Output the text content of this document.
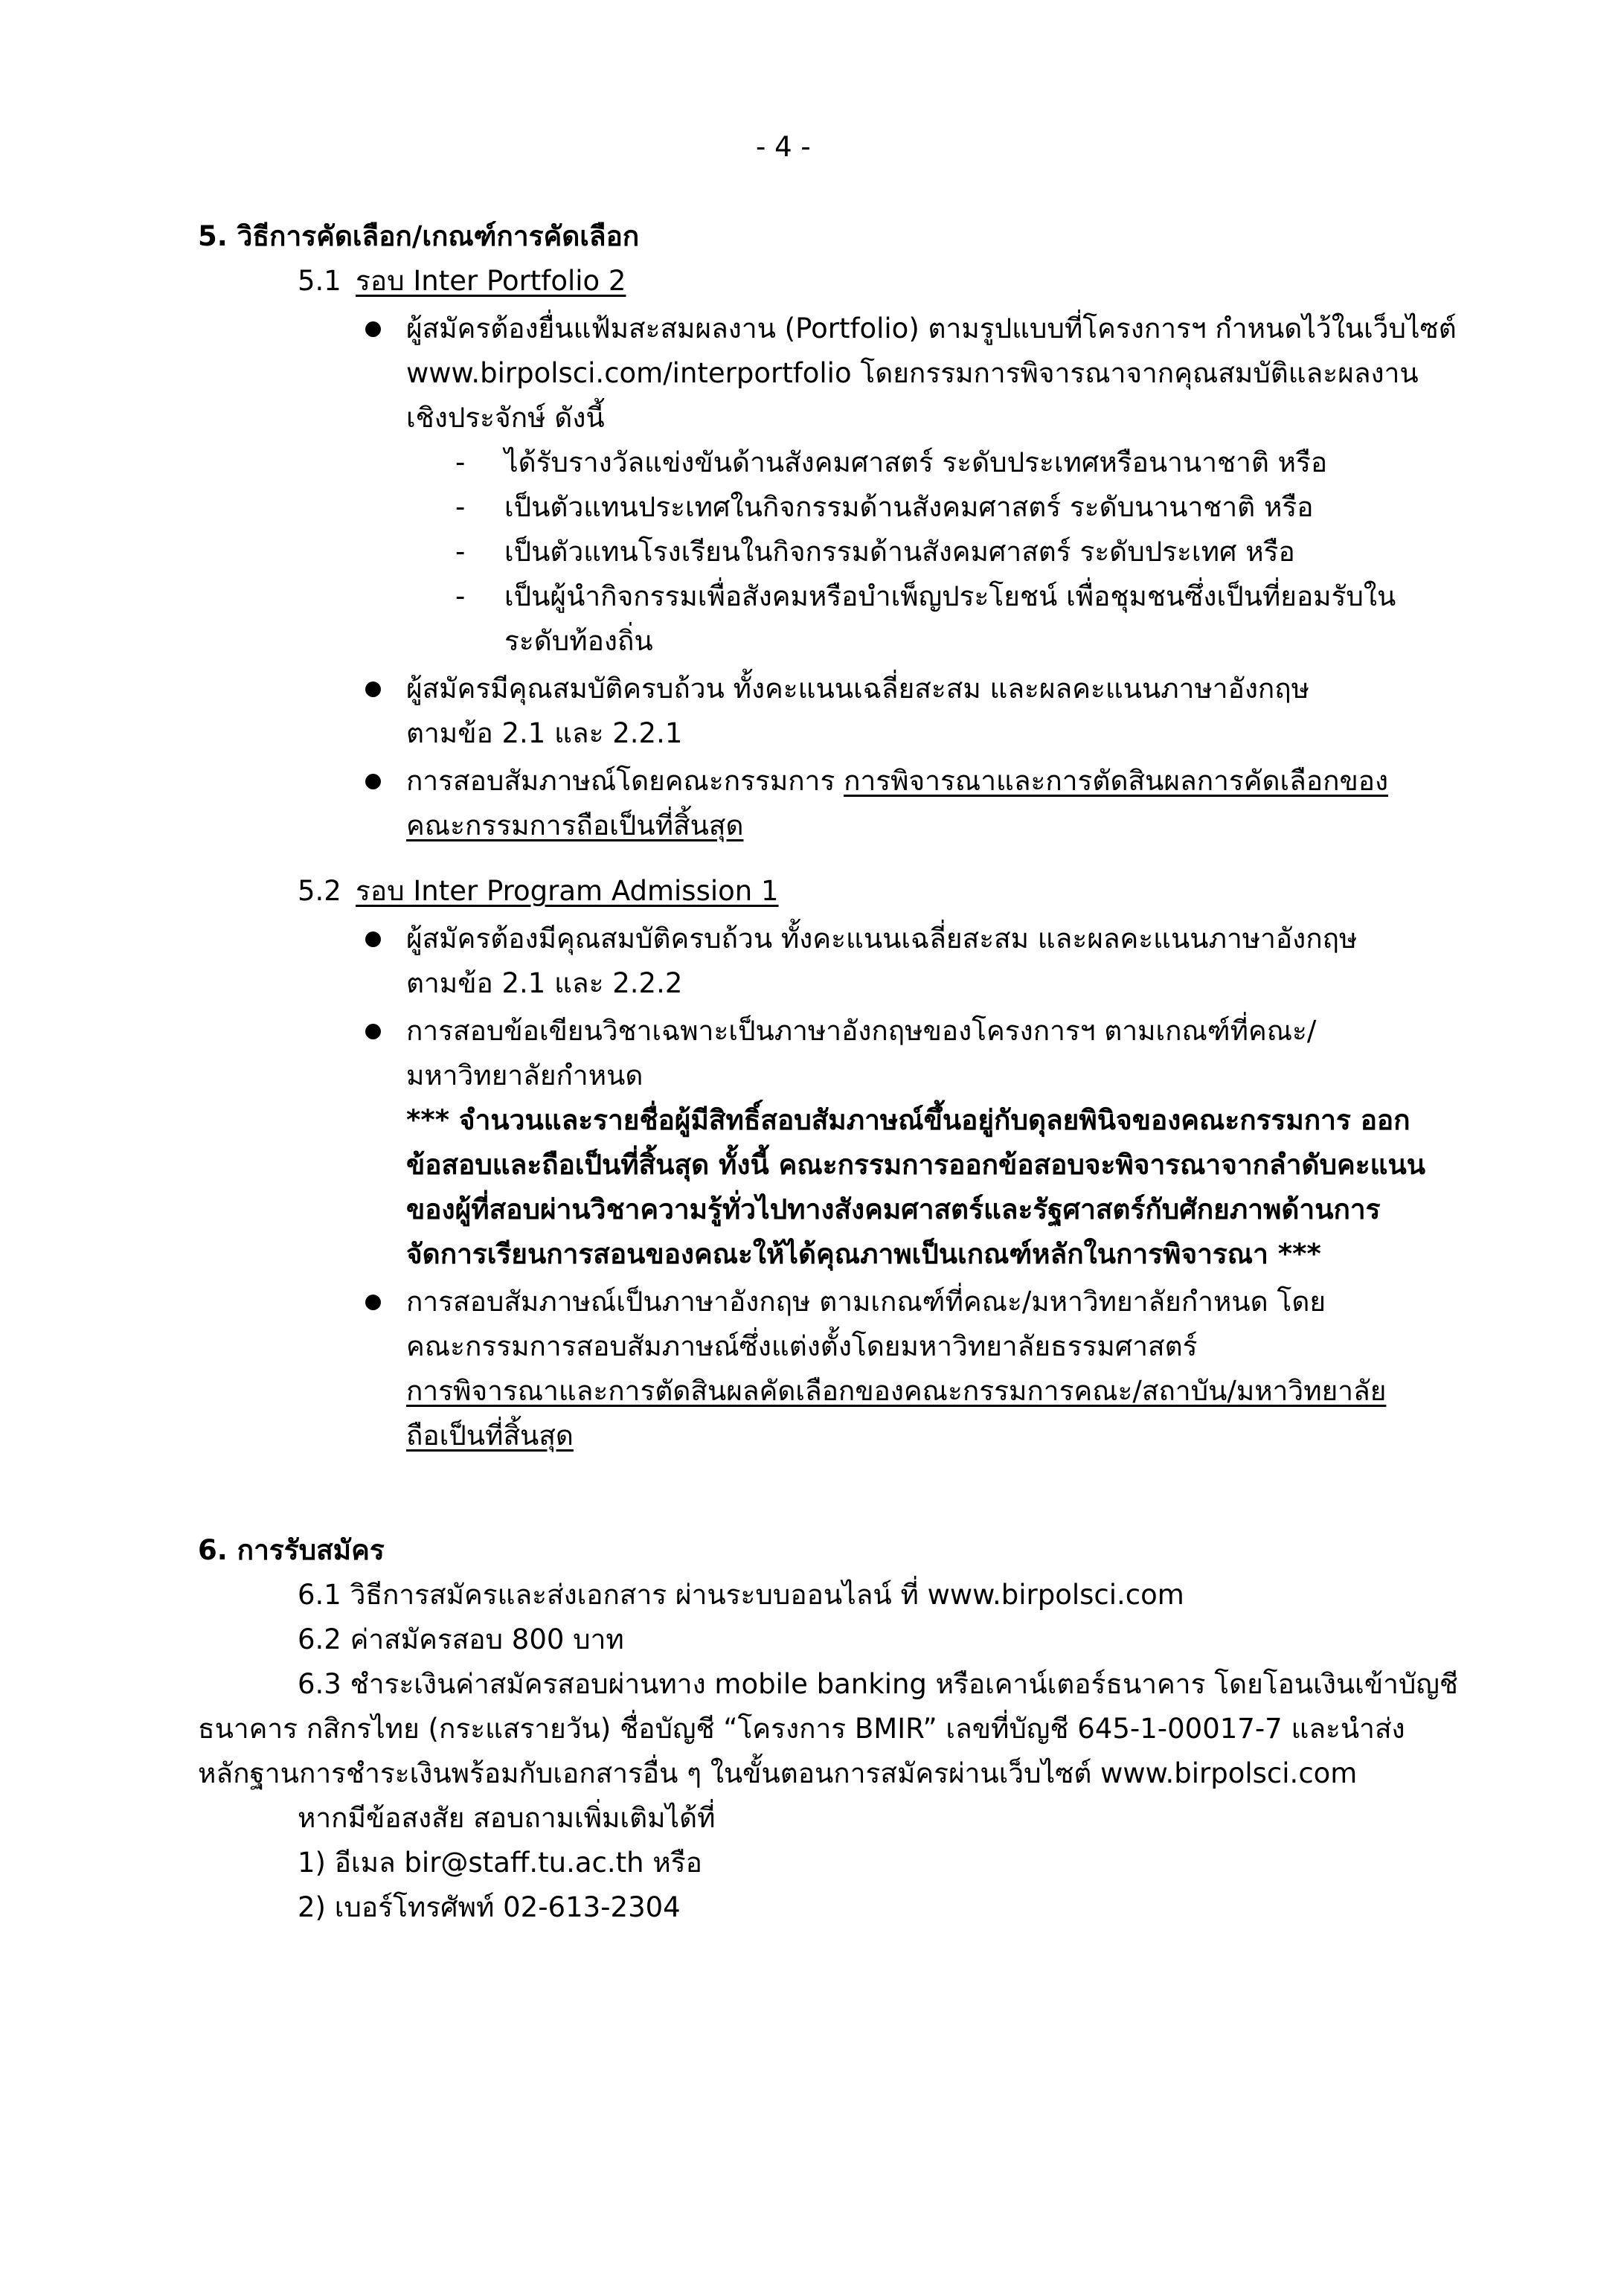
- 4 -
5. วิธีการคัดเลือก/เกณฑ์การคัดเลือก
5.1 รอบ Inter Portfolio 2
ผู้สมัครต้องยื่นแฟ้มสะสมผลงาน (Portfolio) ตามรูปแบบที่โครงการฯ กำหนดไว้ในเว็บไซต์
www.birpolsci.com/interportfolio โดยกรรมการพิจารณาจากคุณสมบัติและผลงาน
เชิงประจักษ์ ดังนี้
- ได้รับรางวัลแข่งขันด้านสังคมศาสตร์ ระดับประเทศหรือนานาชาติ หรือ
- เป็นตัวแทนประเทศในกิจกรรมด้านสังคมศาสตร์ ระดับนานาชาติ หรือ
- เป็นตัวแทนโรงเรียนในกิจกรรมด้านสังคมศาสตร์ ระดับประเทศ หรือ
- เป็นผู้นำกิจกรรมเพื่อสังคมหรือบำเพ็ญประโยชน์ เพื่อชุมชนซึ่งเป็นที่ยอมรับใน
ระดับท้องถิ่น
ผู้สมัครมีคุณสมบัติครบถ้วน ทั้งคะแนนเฉลี่ยสะสม และผลคะแนนภาษาอังกฤษ
ตามข้อ 2.1 และ 2.2.1
การสอบสัมภาษณ์โดยคณะกรรมการ การพิจารณาและการตัดสินผลการคัดเลือกของ
คณะกรรมการถือเป็นที่สิ้นสุด
5.2 รอบ Inter Program Admission 1
ผู้สมัครต้องมีคุณสมบัติครบถ้วน ทั้งคะแนนเฉลี่ยสะสม และผลคะแนนภาษาอังกฤษ
ตามข้อ 2.1 และ 2.2.2
การสอบข้อเขียนวิชาเฉพาะเป็นภาษาอังกฤษของโครงการฯ ตามเกณฑ์ที่คณะ/
มหาวิทยาลัยกำหนด
*** จำนวนและรายชื่อผู้มีสิทธิ์สอบสัมภาษณ์ขึ้นอยู่กับดุลยพินิจของคณะกรรมการ ออก
ข้อสอบและถือเป็นที่สิ้นสุด ทั้งนี้ คณะกรรมการออกข้อสอบจะพิจารณาจากลำดับคะแนน
ของผู้ที่สอบผ่านวิชาความรู้ทั่วไปทางสังคมศาสตร์และรัฐศาสตร์กับศักยภาพด้านการ
จัดการเรียนการสอนของคณะให้ได้คุณภาพเป็นเกณฑ์หลักในการพิจารณา ***
การสอบสัมภาษณ์เป็นภาษาอังกฤษ ตามเกณฑ์ที่คณะ/มหาวิทยาลัยกำหนด โดย
คณะกรรมการสอบสัมภาษณ์ซึ่งแต่งตั้งโดยมหาวิทยาลัยธรรมศาสตร์
การพิจารณาและการตัดสินผลคัดเลือกของคณะกรรมการคณะ/สถาบัน/มหาวิทยาลัย
ถือเป็นที่สิ้นสุด
6. การรับสมัคร
6.1 วิธีการสมัครและส่งเอกสาร ผ่านระบบออนไลน์ ที่ www.birpolsci.com
6.2 ค่าสมัครสอบ 800 บาท
6.3 ชำระเงินค่าสมัครสอบผ่านทาง mobile banking หรือเคาน์เตอร์ธนาคาร โดยโอนเงินเข้าบัญชี
ธนาคาร กสิกรไทย (กระแสรายวัน) ชื่อบัญชี “โครงการ BMIR” เลขที่บัญชี 645-1-00017-7 และนำส่ง
หลักฐานการชำระเงินพร้อมกับเอกสารอื่น ๆ ในขั้นตอนการสมัครผ่านเว็บไซต์ www.birpolsci.com
หากมีข้อสงสัย สอบถามเพิ่มเติมได้ที่
1) อีเมล bir@staff.tu.ac.th หรือ
2) เบอร์โทรศัพท์ 02-613-2304
